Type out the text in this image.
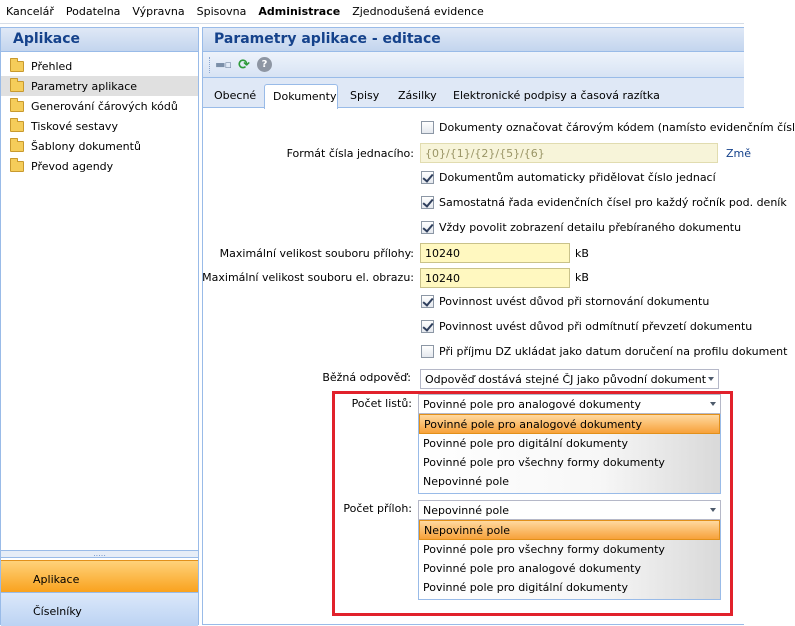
Kancelář	Podatelna	Výpravna	Spisovna	Administrace	Zjednodušená evidence
Aplikace
Přehled
Parametry aplikace
Generování čárových kódů
Tiskové sestavy
Šablony dokumentů
Převod agendy
.....
Aplikace
Číselníky
Parametry aplikace - editace
▬▫ ⟳	?
Obecné	Dokumenty Spisy Zásilky Elektronické podpisy a časová razítka
Dokumenty označovat čárovým kódem (namísto evidenčním čísl
Formát čísla jednacího:	{0}/{1}/{2}/{5}/{6}	Změ
Dokumentům automaticky přidělovat číslo jednací
Samostatná řada evidenčních čísel pro každý ročník pod. deník
Vždy povolit zobrazení detailu přebíraného dokumentu
Maximální velikost souboru přílohy:	10240	kB
Maximální velikost souboru el. obrazu:	10240	kB
Povinnost uvést důvod při stornování dokumentu
Povinnost uvést důvod při odmítnutí převzetí dokumentu
Při příjmu DZ ukládat jako datum doručení na profilu dokument
Běžná odpověď:	Odpověď dostává stejné ČJ jako původní dokument
Počet listů:	Povinné pole pro analogové dokumenty
Povinné pole pro analogové dokumenty
Povinné pole pro digitální dokumenty
Povinné pole pro všechny formy dokumenty
Nepovinné pole
Počet příloh:	Nepovinné pole
Nepovinné pole
Povinné pole pro všechny formy dokumenty
Povinné pole pro analogové dokumenty
Povinné pole pro digitální dokumenty
